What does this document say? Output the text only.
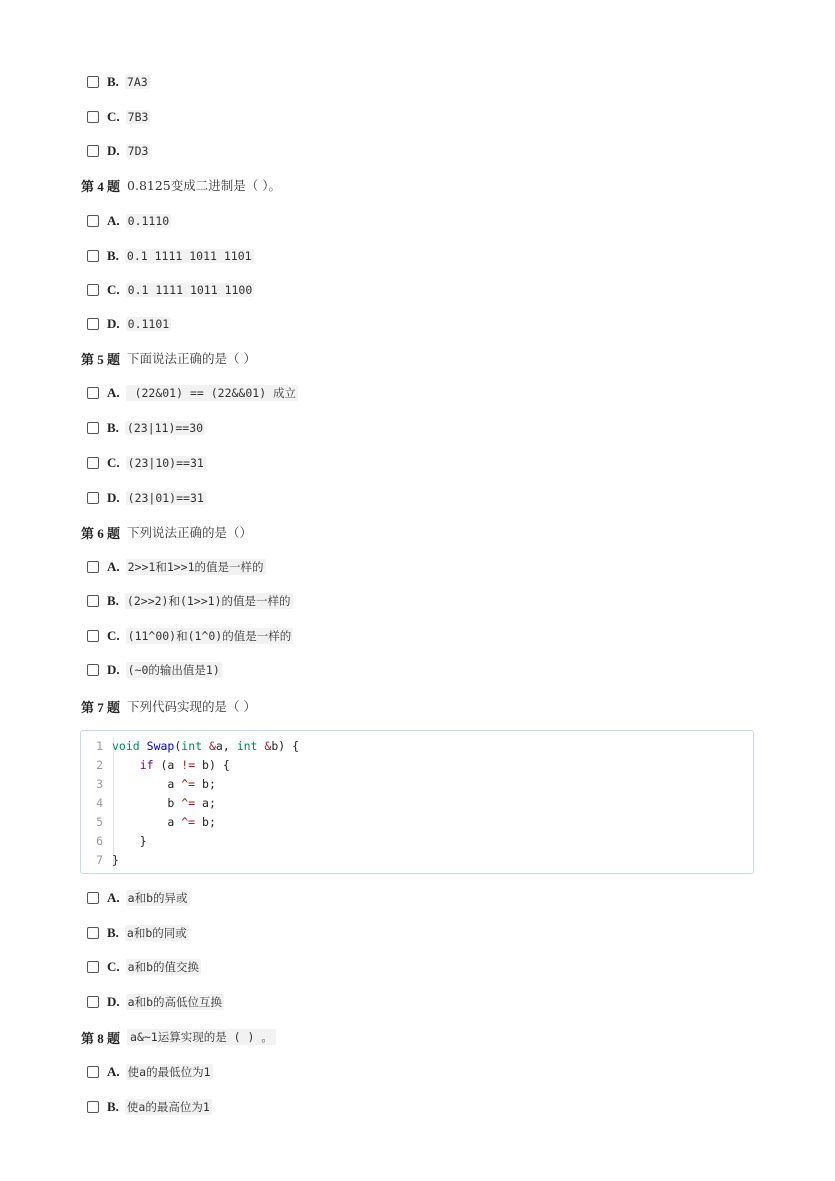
B. 7A3
C. 7B3
D. 7D3
第 4 题 0.8125变成二进制是（ ）。
A. 0.1110
B. 0.1 1111 1011 1101
C. 0.1 1111 1011 1100
D. 0.1101
第 5 题 下面说法正确的是（ ）
A. (22&01) == (22&&01) 成立
B. (23|11)==30
C. (23|10)==31
D. (23|01)==31
第 6 题 下列说法正确的是（）
A. 2>>1和1>>1的值是一样的
B. (2>>2)和(1>>1)的值是一样的
C. (11^00)和(1^0)的值是一样的
D. (~0的输出值是1)
第 7 题 下列代码实现的是（ ）
1 void
Swap ( int & a, int & b) {
2
	if (a != b) {
3
	a ^= b;
4
	b ^= a;
5
	a ^= b;
6 }
7 }
A. a和b的异或
B. a和b的同或
C. a和b的值交换
D. a和b的高低位互换
第 8 题 a&~1运算实现的是 ( ) 。
A. 使a的最低位为1
B. 使a的最高位为1
